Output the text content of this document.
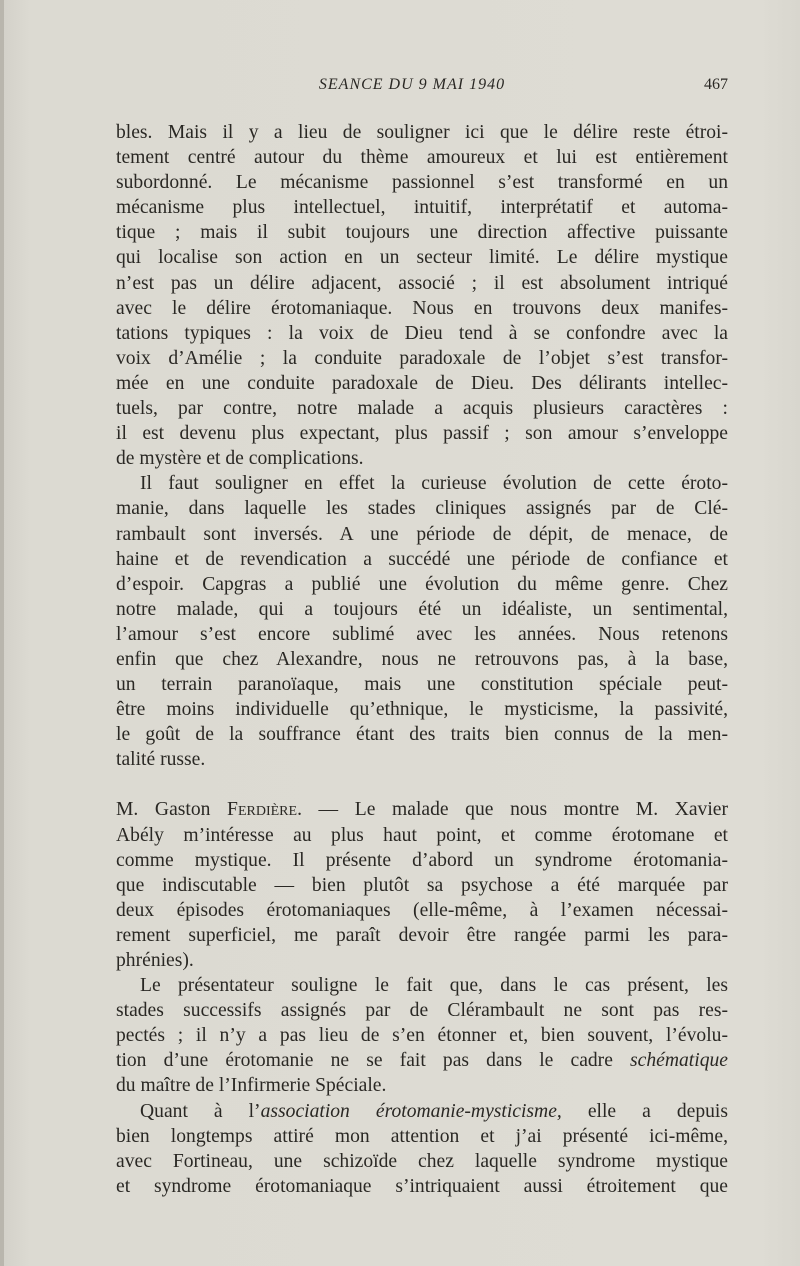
SEANCE DU 9 MAI 1940	467
bles. Mais il y a lieu de souligner ici que le délire reste étroi-
tement centré autour du thème amoureux et lui est entièrement
subordonné. Le mécanisme passionnel s’est transformé en un
mécanisme plus intellectuel, intuitif, interprétatif et automa-
tique ; mais il subit toujours une direction affective puissante
qui localise son action en un secteur limité. Le délire mystique
n’est pas un délire adjacent, associé ; il est absolument intriqué
avec le délire érotomaniaque. Nous en trouvons deux manifes-
tations typiques : la voix de Dieu tend à se confondre avec la
voix d’Amélie ; la conduite paradoxale de l’objet s’est transfor-
mée en une conduite paradoxale de Dieu. Des délirants intellec-
tuels, par contre, notre malade a acquis plusieurs caractères :
il est devenu plus expectant, plus passif ; son amour s’enveloppe
de mystère et de complications.
Il faut souligner en effet la curieuse évolution de cette éroto-
manie, dans laquelle les stades cliniques assignés par de Clé-
rambault sont inversés. A une période de dépit, de menace, de
haine et de revendication a succédé une période de confiance et
d’espoir. Capgras a publié une évolution du même genre. Chez
notre malade, qui a toujours été un idéaliste, un sentimental,
l’amour s’est encore sublimé avec les années. Nous retenons
enfin que chez Alexandre, nous ne retrouvons pas, à la base,
un terrain paranoïaque, mais une constitution spéciale peut-
être moins individuelle qu’ethnique, le mysticisme, la passivité,
le goût de la souffrance étant des traits bien connus de la men-
talité russe.
M. Gaston Ferdière. — Le malade que nous montre M. Xavier
Abély m’intéresse au plus haut point, et comme érotomane et
comme mystique. Il présente d’abord un syndrome érotomania-
que indiscutable — bien plutôt sa psychose a été marquée par
deux épisodes érotomaniaques (elle-même, à l’examen nécessai-
rement superficiel, me paraît devoir être rangée parmi les para-
phrénies).
Le présentateur souligne le fait que, dans le cas présent, les
stades successifs assignés par de Clérambault ne sont pas res-
pectés ; il n’y a pas lieu de s’en étonner et, bien souvent, l’évolu-
tion d’une érotomanie ne se fait pas dans le cadre schématique
du maître de l’Infirmerie Spéciale.
Quant à l’association érotomanie-mysticisme, elle a depuis
bien longtemps attiré mon attention et j’ai présenté ici-même,
avec Fortineau, une schizoïde chez laquelle syndrome mystique
et syndrome érotomaniaque s’intriquaient aussi étroitement que
